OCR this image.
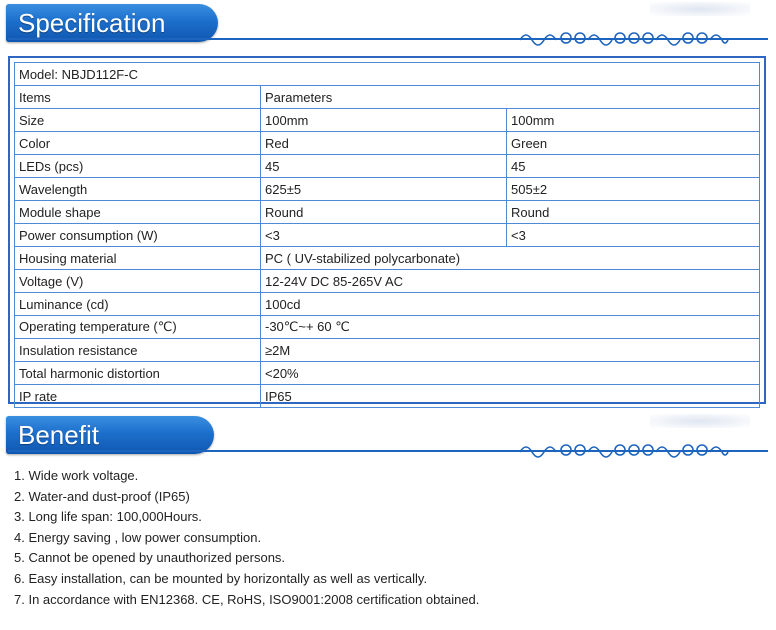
Specification
Model: NBJD112F-C		
Items	Parameters	
Size	100mm	100mm
Color	Red	Green
LEDs (pcs)	45	45
Wavelength	625±5	505±2
Module shape	Round	Round
Power consumption (W)	<3	<3
Housing material	PC ( UV-stabilized polycarbonate)	
Voltage (V)	12-24V DC 85-265V AC	
Luminance (cd)	100cd	
Operating temperature (℃)	-30℃~+ 60 ℃	
Insulation resistance	≥2M	
Total harmonic distortion	<20%	
IP rate	IP65	
Benefit
1. Wide work voltage.
2. Water-and dust-proof (IP65)
3. Long life span: 100,000Hours.
4. Energy saving , low power consumption.
5. Cannot be opened by unauthorized persons.
6. Easy installation, can be mounted by horizontally as well as vertically.
7. In accordance with EN12368. CE, RoHS, ISO9001:2008 certification obtained.
